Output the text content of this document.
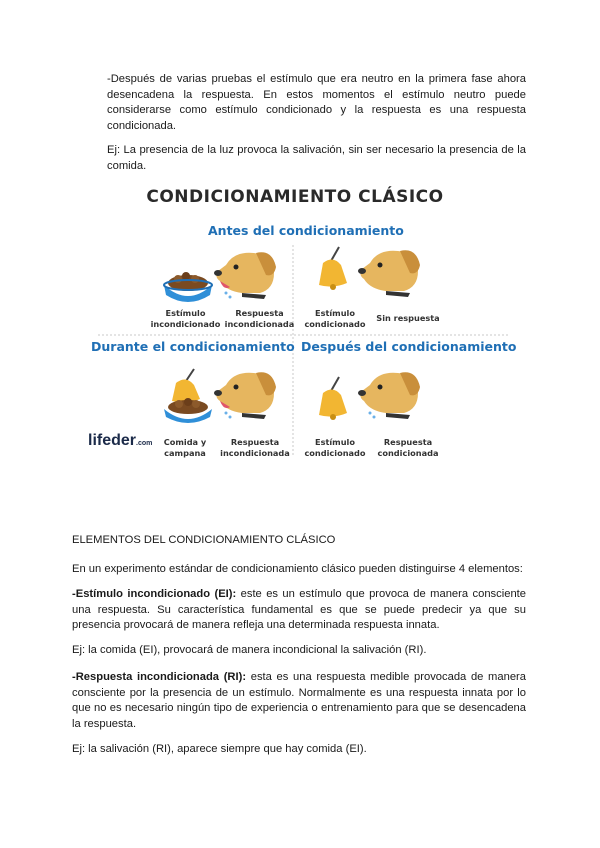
-Después de varias pruebas el estímulo que era neutro en la primera fase ahora desencadena la respuesta. En estos momentos el estímulo neutro puede considerarse como estímulo condicionado y la respuesta es una respuesta condicionada.

Ej: La presencia de la luz provoca la salivación, sin ser necesario la presencia de la comida.

CONDICIONAMIENTO CLÁSICO
Antes del condicionamiento
Durante el condicionamiento Después del condicionamiento
Estímulo
incondicionado
Respuesta
incondicionada
Estímulo
condicionado
Sin respuesta
lifeder.com	Comida y
campana
Respuesta
incondicionada
Estímulo
condicionado
Respuesta
condicionada

ELEMENTOS DEL CONDICIONAMIENTO CLÁSICO

En un experimento estándar de condicionamiento clásico pueden distinguirse 4 elementos:

-Estímulo incondicionado (EI): este es un estímulo que provoca de manera consciente una respuesta. Su característica fundamental es que se puede predecir ya que su presencia provocará de manera refleja una determinada respuesta innata.

Ej: la comida (EI), provocará de manera incondicional la salivación (RI).

-Respuesta incondicionada (RI): esta es una respuesta medible provocada de manera consciente por la presencia de un estímulo. Normalmente es una respuesta innata por lo que no es necesario ningún tipo de experiencia o entrenamiento para que se desencadena la respuesta.

Ej: la salivación (RI), aparece siempre que hay comida (EI).
